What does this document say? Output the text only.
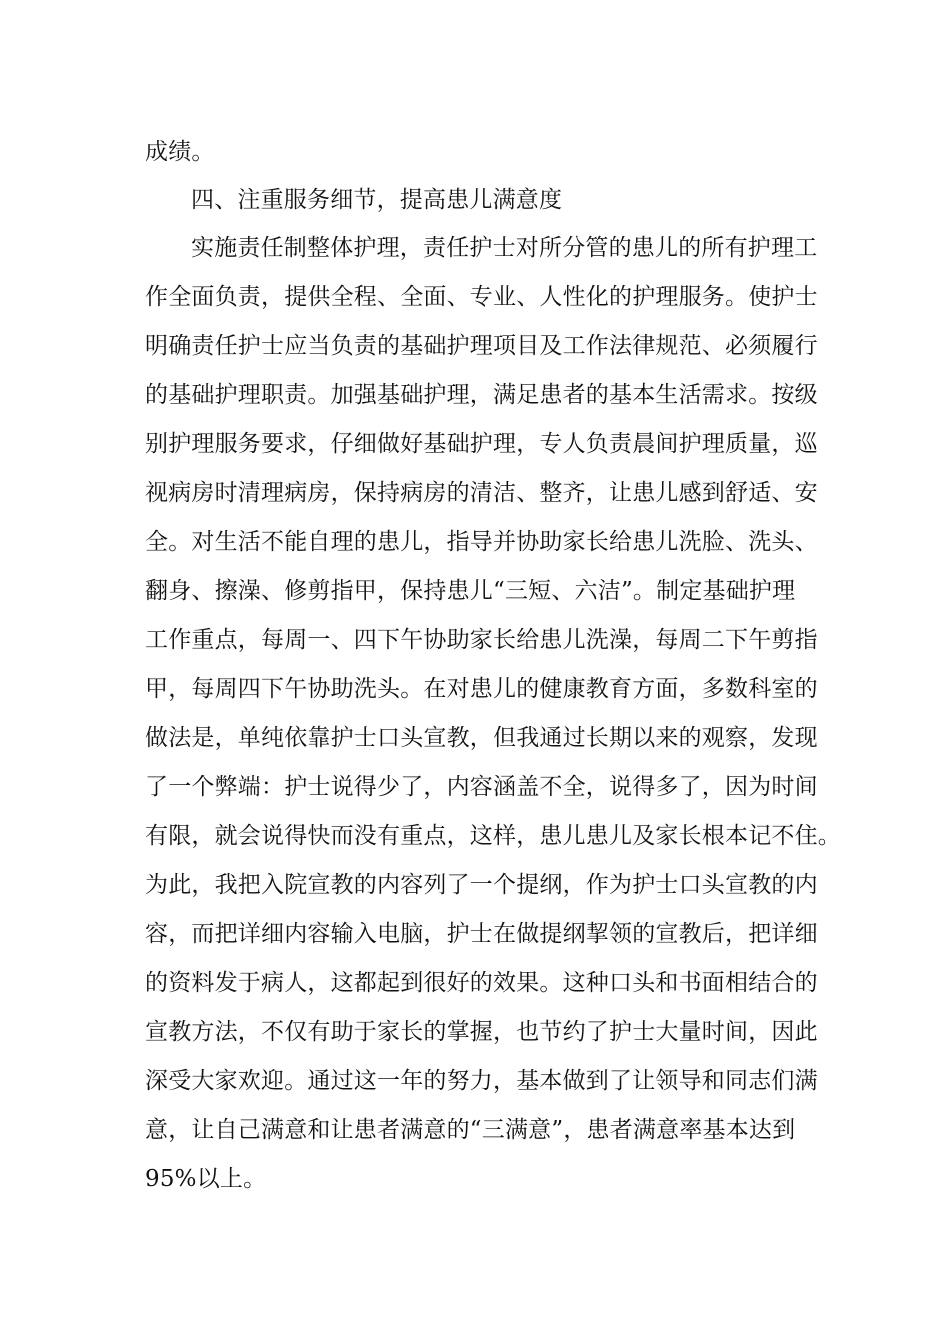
成绩。

四、注重服务细节，提高患儿满意度

实施责任制整体护理，责任护士对所分管的患儿的所有护理工

作全面负责，提供全程、全面、专业、人性化的护理服务。使护士

明确责任护士应当负责的基础护理项目及工作法律规范、必须履行

的基础护理职责。加强基础护理，满足患者的基本生活需求。按级

别护理服务要求，仔细做好基础护理，专人负责晨间护理质量，巡

视病房时清理病房，保持病房的清洁、整齐，让患儿感到舒适、安

全。对生活不能自理的患儿，指导并协助家长给患儿洗脸、洗头、

翻身、擦澡、修剪指甲，保持患儿“三短、六洁”。制定基础护理

工作重点，每周一、四下午协助家长给患儿洗澡，每周二下午剪指

甲，每周四下午协助洗头。在对患儿的健康教育方面，多数科室的

做法是，单纯依靠护士口头宣教，但我通过长期以来的观察，发现

了一个弊端：护士说得少了，内容涵盖不全，说得多了，因为时间

有限，就会说得快而没有重点，这样，患儿患儿及家长根本记不住。

为此，我把入院宣教的内容列了一个提纲，作为护士口头宣教的内

容，而把详细内容输入电脑，护士在做提纲挈领的宣教后，把详细

的资料发于病人，这都起到很好的效果。这种口头和书面相结合的

宣教方法，不仅有助于家长的掌握，也节约了护士大量时间，因此

深受大家欢迎。通过这一年的努力，基本做到了让领导和同志们满

意，让自己满意和让患者满意的“三满意”，患者满意率基本达到

95%以上。
